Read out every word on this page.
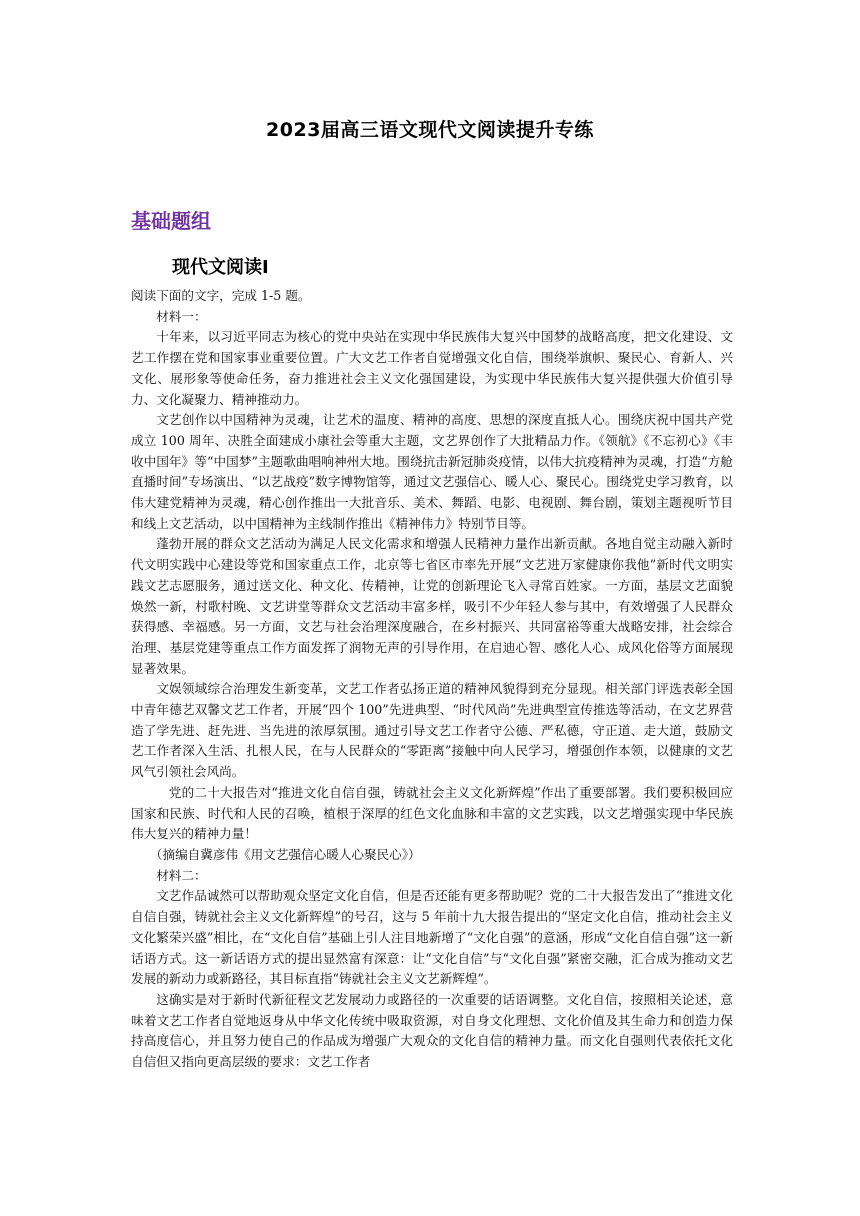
2023届高三语文现代文阅读提升专练
基础题组
现代文阅读Ⅰ

阅读下面的文字，完成 1-5 题。

材料一：

十年来，以习近平同志为核心的党中央站在实现中华民族伟大复兴中国梦的战略高度，把文化建设、文艺工作摆在党和国家事业重要位置。广大文艺工作者自觉增强文化自信，围绕举旗帜、聚民心、育新人、兴文化、展形象等使命任务，奋力推进社会主义文化强国建设，为实现中华民族伟大复兴提供强大价值引导力、文化凝聚力、精神推动力。

文艺创作以中国精神为灵魂，让艺术的温度、精神的高度、思想的深度直抵人心。围绕庆祝中国共产党成立 100 周年、决胜全面建成小康社会等重大主题，文艺界创作了大批精品力作。《领航》《不忘初心》《丰收中国年》等“中国梦”主题歌曲唱响神州大地。围绕抗击新冠肺炎疫情，以伟大抗疫精神为灵魂，打造“方舱直播时间”专场演出、“以艺战疫”数字博物馆等，通过文艺强信心、暖人心、聚民心。围绕党史学习教育，以伟大建党精神为灵魂，精心创作推出一大批音乐、美术、舞蹈、电影、电视剧、舞台剧，策划主题视听节目和线上文艺活动，以中国精神为主线制作推出《精神伟力》特别节目等。

蓬勃开展的群众文艺活动为满足人民文化需求和增强人民精神力量作出新贡献。各地自觉主动融入新时代文明实践中心建设等党和国家重点工作，北京等七省区市率先开展“文艺进万家健康你我他”新时代文明实践文艺志愿服务，通过送文化、种文化、传精神，让党的创新理论飞入寻常百姓家。一方面，基层文艺面貌焕然一新，村歌村晚、文艺讲堂等群众文艺活动丰富多样，吸引不少年轻人参与其中，有效增强了人民群众获得感、幸福感。另一方面，文艺与社会治理深度融合，在乡村振兴、共同富裕等重大战略安排，社会综合治理、基层党建等重点工作方面发挥了润物无声的引导作用，在启迪心智、感化人心、成风化俗等方面展现显著效果。

文娱领域综合治理发生新变革，文艺工作者弘扬正道的精神风貌得到充分显现。相关部门评选表彰全国中青年德艺双馨文艺工作者，开展“四个 100”先进典型、“时代风尚”先进典型宣传推选等活动，在文艺界营造了学先进、赶先进、当先进的浓厚氛围。通过引导文艺工作者守公德、严私德，守正道、走大道，鼓励文艺工作者深入生活、扎根人民，在与人民群众的“零距离”接触中向人民学习，增强创作本领，以健康的文艺风气引领社会风尚。

党的二十大报告对“推进文化自信自强，铸就社会主义文化新辉煌”作出了重要部署。我们要积极回应国家和民族、时代和人民的召唤，植根于深厚的红色文化血脉和丰富的文艺实践，以文艺增强实现中华民族伟大复兴的精神力量！

（摘编自冀彦伟《用文艺强信心暖人心聚民心》）

材料二：

文艺作品诚然可以帮助观众坚定文化自信，但是否还能有更多帮助呢？党的二十大报告发出了“推进文化自信自强，铸就社会主义文化新辉煌”的号召，这与 5 年前十九大报告提出的“坚定文化自信，推动社会主义文化繁荣兴盛”相比，在“文化自信”基础上引人注目地新增了“文化自强”的意涵，形成“文化自信自强”这一新话语方式。这一新话语方式的提出显然富有深意：让“文化自信”与“文化自强”紧密交融，汇合成为推动文艺发展的新动力或新路径，其目标直指“铸就社会主义文艺新辉煌”。

这确实是对于新时代新征程文艺发展动力或路径的一次重要的话语调整。文化自信，按照相关论述，意味着文艺工作者自觉地返身从中华文化传统中吸取资源，对自身文化理想、文化价值及其生命力和创造力保持高度信心，并且努力使自己的作品成为增强广大观众的文化自信的精神力量。而文化自强则代表依托文化自信但又指向更高层级的要求：文艺工作者
